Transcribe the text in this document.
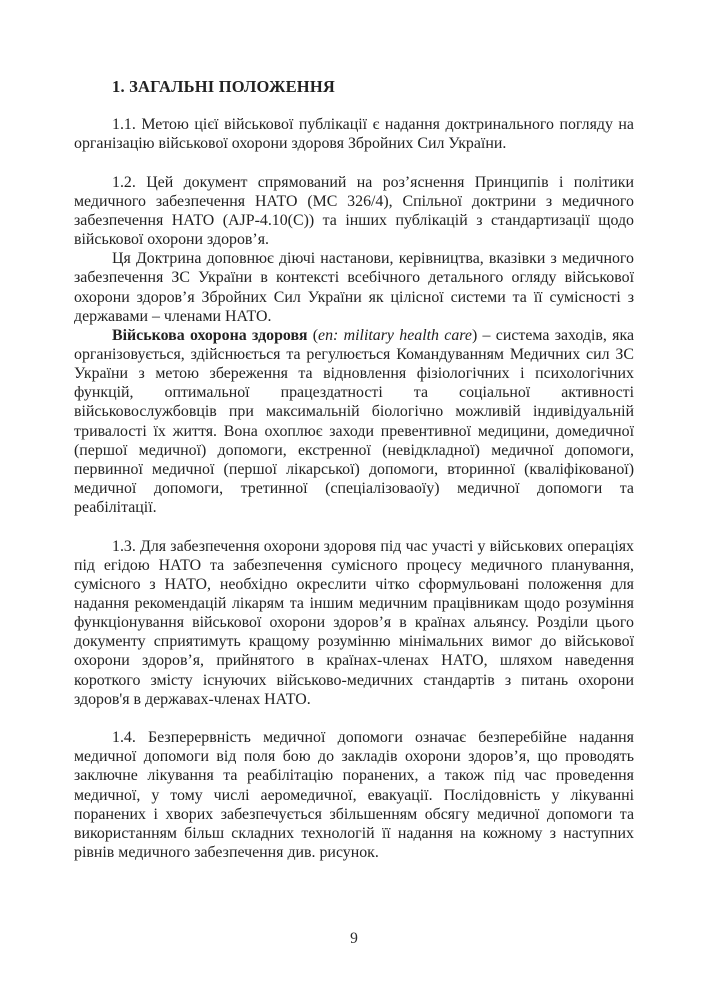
1. ЗАГАЛЬНІ ПОЛОЖЕННЯ

1.1. Метою цієї військової публікації є надання доктринального погляду на організацію військової охорони здоровя Збройних Сил України.

1.2. Цей документ спрямований на роз’яснення Принципів і політики медичного забезпечення НАТО (MC 326/4), Спільної доктрини з медичного забезпечення НАТО (AJP-4.10(C)) та інших публікацій з стандартизації щодо військової охорони здоров’я.

Ця Доктрина доповнює діючі настанови, керівництва, вказівки з медичного забезпечення ЗС України в контексті всебічного детального огляду військової охорони здоров’я Збройних Сил України як цілісної системи та її сумісності з державами – членами НАТО.

Військова охорона здоровя (en: military health care) – система заходів, яка організовується, здійснюється та регулюється Командуванням Медичних сил ЗС України з метою збереження та відновлення фізіологічних і психологічних функцій, оптимальної працездатності та соціальної активності військовослужбовців при максимальній біологічно можливій індивідуальній тривалості їх життя. Вона охоплює заходи превентивної медицини, домедичної (першої медичної) допомоги, екстренної (невідкладної) медичної допомоги, первинної медичної (першої лікарської) допомоги, вторинної (кваліфікованої) медичної допомоги, третинної (спеціалізоваоїу) медичної допомоги та реабілітації.

1.3. Для забезпечення охорони здоровя під час участі у військових операціях під егідою НАТО та забезпечення сумісного процесу медичного планування, сумісного з НАТО, необхідно окреслити чітко сформульовані положення для надання рекомендацій лікарям та іншим медичним працівникам щодо розуміння функціонування військової охорони здоров’я в країнах альянсу. Розділи цього документу сприятимуть кращому розумінню мінімальних вимог до військової охорони здоров’я, прийнятого в країнах-членах НАТО, шляхом наведення короткого змісту існуючих військово-медичних стандартів з питань охорони здоров'я в державах-членах НАТО.

1.4. Безперервність медичної допомоги означає безперебійне надання медичної допомоги від поля бою до закладів охорони здоров’я, що проводять заключне лікування та реабілітацію поранених, а також під час проведення медичної, у тому числі аеромедичної, евакуації. Послідовність у лікуванні поранених і хворих забезпечується збільшенням обсягу медичної допомоги та використанням більш складних технологій її надання на кожному з наступних рівнів медичного забезпечення див. рисунок.

9
